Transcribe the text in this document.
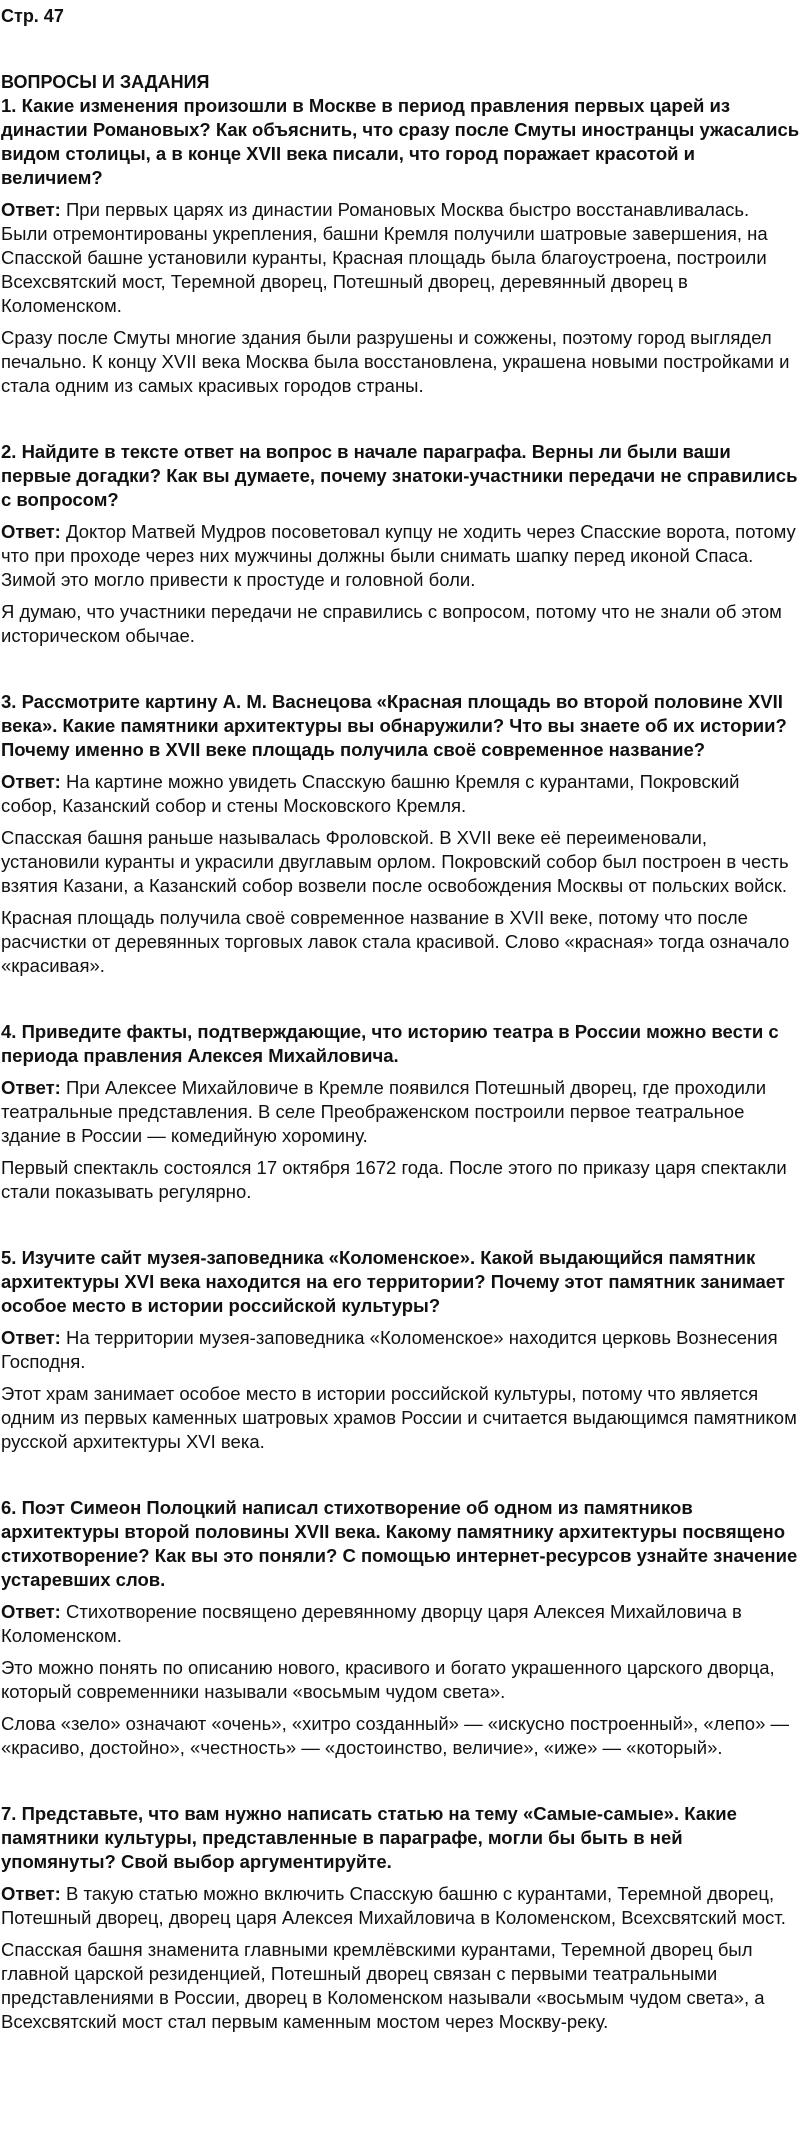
Стр. 47
ВОПРОСЫ И ЗАДАНИЯ

1. Какие изменения произошли в Москве в период правления первых царей из династии Романовых? Как объяснить, что сразу после Смуты иностранцы ужасались видом столицы, а в конце XVII века писали, что город поражает красотой и величием?

Ответ: При первых царях из династии Романовых Москва быстро восстанавливалась. Были отремонтированы укрепления, башни Кремля получили шатровые завершения, на Спасской башне установили куранты, Красная площадь была благоустроена, построили Всехсвятский мост, Теремной дворец, Потешный дворец, деревянный дворец в Коломенском.

Сразу после Смуты многие здания были разрушены и сожжены, поэтому город выглядел печально. К концу XVII века Москва была восстановлена, украшена новыми постройками и стала одним из самых красивых городов страны.

2. Найдите в тексте ответ на вопрос в начале параграфа. Верны ли были ваши первые догадки? Как вы думаете, почему знатоки-участники передачи не справились с вопросом?

Ответ: Доктор Матвей Мудров посоветовал купцу не ходить через Спасские ворота, потому что при проходе через них мужчины должны были снимать шапку перед иконой Спаса. Зимой это могло привести к простуде и головной боли.

Я думаю, что участники передачи не справились с вопросом, потому что не знали об этом историческом обычае.

3. Рассмотрите картину А. М. Васнецова «Красная площадь во второй половине XVII века». Какие памятники архитектуры вы обнаружили? Что вы знаете об их истории? Почему именно в XVII веке площадь получила своё современное название?

Ответ: На картине можно увидеть Спасскую башню Кремля с курантами, Покровский собор, Казанский собор и стены Московского Кремля.

Спасская башня раньше называлась Фроловской. В XVII веке её переименовали, установили куранты и украсили двуглавым орлом. Покровский собор был построен в честь взятия Казани, а Казанский собор возвели после освобождения Москвы от польских войск.

Красная площадь получила своё современное название в XVII веке, потому что после расчистки от деревянных торговых лавок стала красивой. Слово «красная» тогда означало «красивая».

4. Приведите факты, подтверждающие, что историю театра в России можно вести с периода правления Алексея Михайловича.

Ответ: При Алексее Михайловиче в Кремле появился Потешный дворец, где проходили театральные представления. В селе Преображенском построили первое театральное здание в России — комедийную хоромину.

Первый спектакль состоялся 17 октября 1672 года. После этого по приказу царя спектакли стали показывать регулярно.

5. Изучите сайт музея-заповедника «Коломенское». Какой выдающийся памятник архитектуры XVI века находится на его территории? Почему этот памятник занимает особое место в истории российской культуры?

Ответ: На территории музея-заповедника «Коломенское» находится церковь Вознесения Господня.

Этот храм занимает особое место в истории российской культуры, потому что является одним из первых каменных шатровых храмов России и считается выдающимся памятником русской архитектуры XVI века.

6. Поэт Симеон Полоцкий написал стихотворение об одном из памятников архитектуры второй половины XVII века. Какому памятнику архитектуры посвящено стихотворение? Как вы это поняли? С помощью интернет-ресурсов узнайте значение устаревших слов.

Ответ: Стихотворение посвящено деревянному дворцу царя Алексея Михайловича в Коломенском.

Это можно понять по описанию нового, красивого и богато украшенного царского дворца, который современники называли «восьмым чудом света».

Слова «зело» означают «очень», «хитро созданный» — «искусно построенный», «лепо» — «красиво, достойно», «честность» — «достоинство, величие», «иже» — «который».

7. Представьте, что вам нужно написать статью на тему «Самые-самые». Какие памятники культуры, представленные в параграфе, могли бы быть в ней упомянуты? Свой выбор аргументируйте.

Ответ: В такую статью можно включить Спасскую башню с курантами, Теремной дворец, Потешный дворец, дворец царя Алексея Михайловича в Коломенском, Всехсвятский мост.

Спасская башня знаменита главными кремлёвскими курантами, Теремной дворец был главной царской резиденцией, Потешный дворец связан с первыми театральными представлениями в России, дворец в Коломенском называли «восьмым чудом света», а Всехсвятский мост стал первым каменным мостом через Москву-реку.
